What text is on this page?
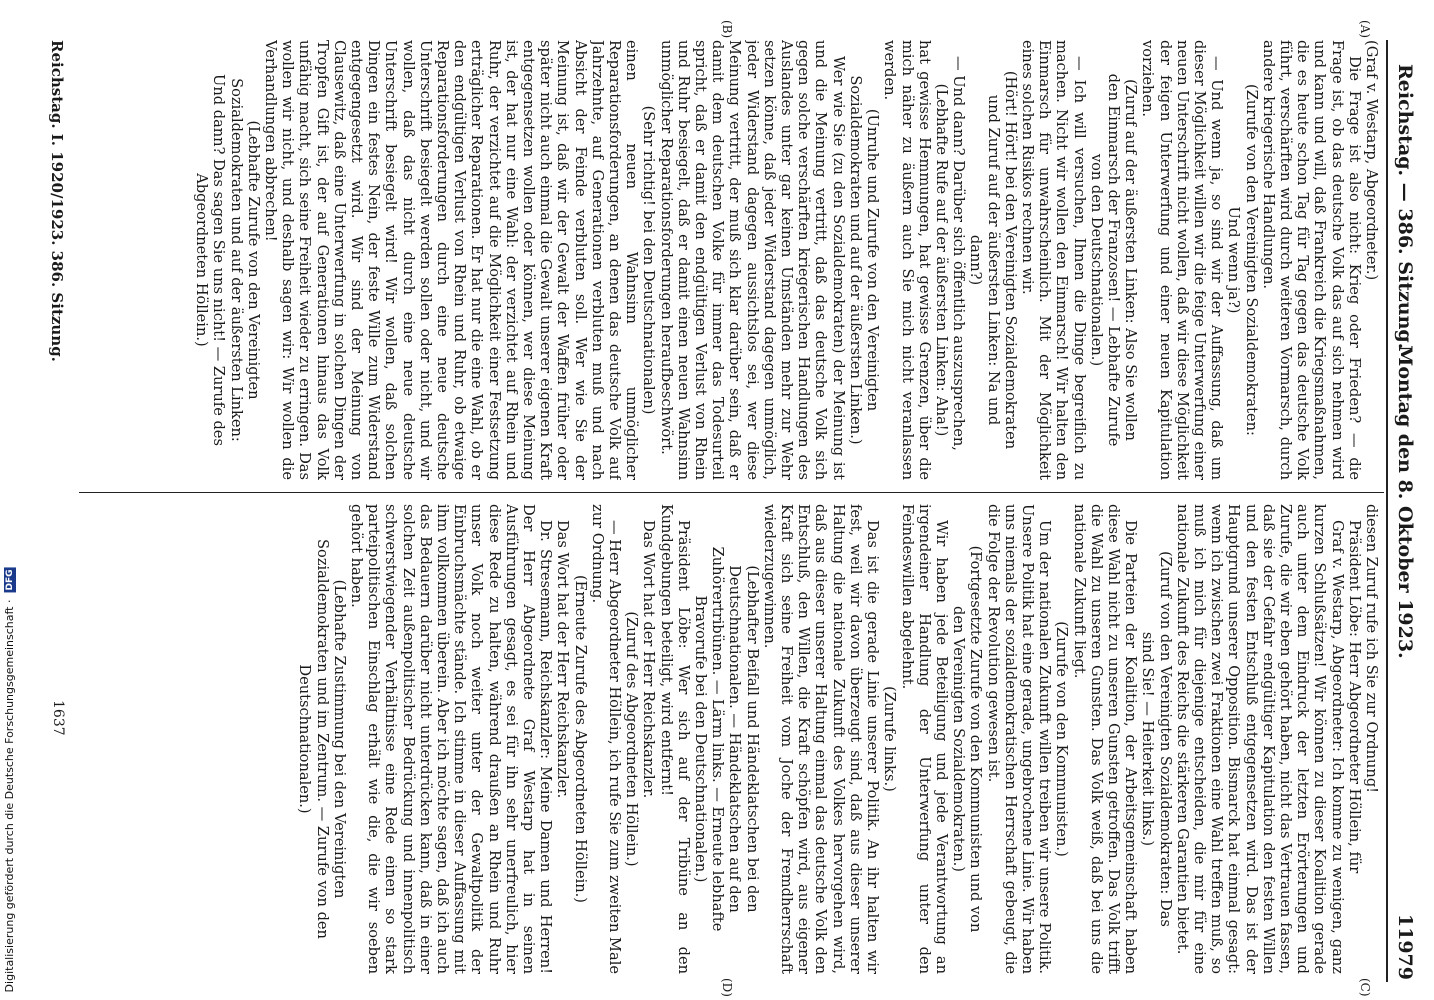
Reichstag. — 386. Sitzung.
Montag den 8. Oktober 1923.
11979
(A)
(B)
(C)
(D)

(Graf v. Westarp, Abgeordneter.)

Die Frage ist also nicht: Krieg oder Frieden? — die Frage ist, ob das deutsche Volk das auf sich nehmen wird und kann und will, daß Frankreich die Kriegsmaßnahmen, die es heute schon Tag für Tag gegen das deutsche Volk führt, verschärften wird durch weiteren Vormarsch, durch andere kriegerische Handlungen.

(Zurufe von den Vereinigten Sozialdemokraten: Und wenn ja?)

— Und wenn ja, so sind wir der Auffassung, daß um dieser Möglichkeit willen wir die feige Unterwerfung einer neuen Unterschrift nicht wollen, daß wir diese Möglichkeit der feigen Unterwerfung und einer neuen Kapitulation vorziehen.

(Zuruf auf der äußersten Linken: Also Sie wollen den Einmarsch der Franzosen! — Lebhafte Zurufe von den Deutschnationalen.)

— Ich will versuchen, Ihnen die Dinge begreiflich zu machen. Nicht wir wollen den Einmarsch! Wir halten den Einmarsch für unwahrscheinlich. Mit der Möglichkeit eines solchen Risikos rechnen wir.

(Hört! Hört! bei den Vereinigten Sozialdemokraten und Zuruf auf der äußersten Linken: Na und dann?)

— Und dann? Darüber sich öffentlich auszusprechen,

(Lebhafte Rufe auf der äußersten Linken: Aha!)

hat gewisse Hemmungen, hat gewisse Grenzen, über die mich näher zu äußern auch Sie mich nicht veranlassen werden.

(Unruhe und Zurufe von den Vereinigten Sozialdemokraten und auf der äußersten Linken.)

Wer wie Sie (zu den Sozialdemokraten) der Meinung ist und die Meinung vertritt, daß das deutsche Volk sich gegen solche verschärften kriegerischen Handlungen des Auslandes unter gar keinen Umständen mehr zur Wehr setzen könne, daß jeder Widerstand dagegen unmöglich, jeder Widerstand dagegen aussichtslos sei, wer diese Meinung vertritt, der muß sich klar darüber sein, daß er damit dem deutschen Volke für immer das Todesurteil spricht, daß er damit den endgültigen Verlust von Rhein und Ruhr besiegelt, daß er damit einen neuen Wahnsinn unmöglicher Reparationsforderungen heraufbeschwört.

(Sehr richtig! bei den Deutschnationalen)

einen neuen Wahnsinn unmöglicher Reparationsforderungen, an denen das deutsche Volk auf Jahrzehnte, auf Generationen verbluten muß und nach Absicht der Feinde verbluten soll. Wer wie Sie der Meinung ist, daß wir der Gewalt der Waffen früher oder später nicht auch einmal die Gewalt unserer eigenen Kraft entgegensetzen wollen oder können, wer diese Meinung ist, der hat nur eine Wahl: der verzichtet auf Rhein und Ruhr, der verzichtet auf die Möglichkeit einer Festsetzung erträglicher Reparationen. Er hat nur die eine Wahl, ob er den endgültigen Verlust von Rhein und Ruhr, ob etwaige Reparationsforderungen durch eine neue deutsche Unterschrift besiegelt werden sollen oder nicht, und wir wollen, daß das nicht durch eine neue deutsche Unterschrift besiegelt wird! Wir wollen, daß solchen Dingen ein festes Nein, der feste Wille zum Widerstand entgegengesetzt wird. Wir sind der Meinung von Clausewitz, daß eine Unterwerfung in solchen Dingen der Tropfen Gift ist, der auf Generationen hinaus das Volk unfähig macht, sich seine Freiheit wieder zu erringen. Das wollen wir nicht, und deshalb sagen wir: Wir wollen die Verhandlungen abbrechen!

(Lebhafte Zurufe von den Vereinigten Sozialdemokraten und auf der äußersten Linken: Und dann? Das sagen Sie uns nicht! — Zurufe des Abgeordneten Höllein.)

diesen Zuruf rufe ich Sie zur Ordnung!

Präsident Löbe: Herr Abgeordneter Höllein, für

Graf v. Westarp, Abgeordneter: Ich komme zu wenigen, ganz kurzen Schlußsätzen! Wir können zu dieser Koalition gerade auch unter dem Eindruck der letzten Erörterungen und Zurufe, die wir eben gehört haben, nicht das Vertrauen fassen, daß sie der Gefahr endgültiger Kapitulation den festen Willen und den festen Entschluß entgegensetzen wird. Das ist der Hauptgrund unserer Opposition. Bismarck hat einmal gesagt: wenn ich zwischen zwei Fraktionen eine Wahl treffen muß, so muß ich mich für diejenige entscheiden, die mir für eine nationale Zukunft des Reichs die stärkeren Garantien bietet.

(Zuruf von den Vereinigten Sozialdemokraten: Das sind Sie! — Heiterkeit links.)

Die Parteien der Koalition, der Arbeitsgemeinschaft haben diese Wahl nicht zu unseren Gunsten getroffen. Das Volk trifft die Wahl zu unseren Gunsten. Das Volk weiß, daß bei uns die nationale Zukunft liegt.

(Zurufe von den Kommunisten.)

Um der nationalen Zukunft willen treiben wir unsere Politik. Unsere Politik hat eine gerade, ungebrochene Linie. Wir haben uns niemals der sozialdemokratischen Herrschaft gebeugt, die die Folge der Revolution gewesen ist.

(Fortgesetzte Zurufe von den Kommunisten und von den Vereinigten Sozialdemokraten.)

Wir haben jede Beteiligung und jede Verantwortung an irgendeiner Handlung der Unterwerfung unter den Feindeswillen abgelehnt.

(Zurufe links.)

Das ist die gerade Linie unserer Politik. An ihr halten wir fest, weil wir davon überzeugt sind, daß aus dieser unserer Haltung die nationale Zukunft des Volkes hervorgehen wird, daß aus dieser unserer Haltung einmal das deutsche Volk den Entschluß, den Willen, die Kraft schöpfen wird, aus eigener Kraft sich seine Freiheit vom Joche der Fremdherrschaft wiederzugewinnen.

(Lebhafter Beifall und Händeklatschen bei den Deutschnationalen. — Händeklatschen auf den Zuhörertribünen. — Lärm links. — Erneute lebhafte Bravorufe bei den Deutschnationalen.)

Präsident Löbe: Wer sich auf der Tribüne an den Kundgebungen beteiligt, wird entfernt!

Das Wort hat der Herr Reichskanzler.

(Zuruf des Abgeordneten Höllein.)

— Herr Abgeordneter Höllein, ich rufe Sie zum zweiten Male zur Ordnung.

(Erneute Zurufe des Abgeordneten Höllein.)

Das Wort hat der Herr Reichskanzler.

Dr. Stresemann, Reichskanzler: Meine Damen und Herren! Der Herr Abgeordnete Graf Westarp hat in seinen Ausführungen gesagt, es sei für ihn sehr unerfreulich, hier diese Rede zu halten, während draußen an Rhein und Ruhr unser Volk noch weiter unter der Gewaltpolitik der Einbruchsmächte stände. Ich stimme in dieser Auffassung mit ihm vollkommen überein. Aber ich möchte sagen, daß ich auch das Bedauern darüber nicht unterdrücken kann, daß in einer solchen Zeit außenpolitischer Bedrückung und innenpolitisch schwerstwiegender Verhältnisse eine Rede einen so stark parteipolitischen Einschlag erhält wie die, die wir soeben gehört haben.

(Lebhafte Zustimmung bei den Vereinigten Sozialdemokraten und im Zentrum. — Zurufe von den Deutschnationalen.)

Reichstag. I. 1920/1923. 386. Sitzung.
1637
Digitalisierung gefördert durch die Deutsche Forschungsgemeinschaft · DFG
